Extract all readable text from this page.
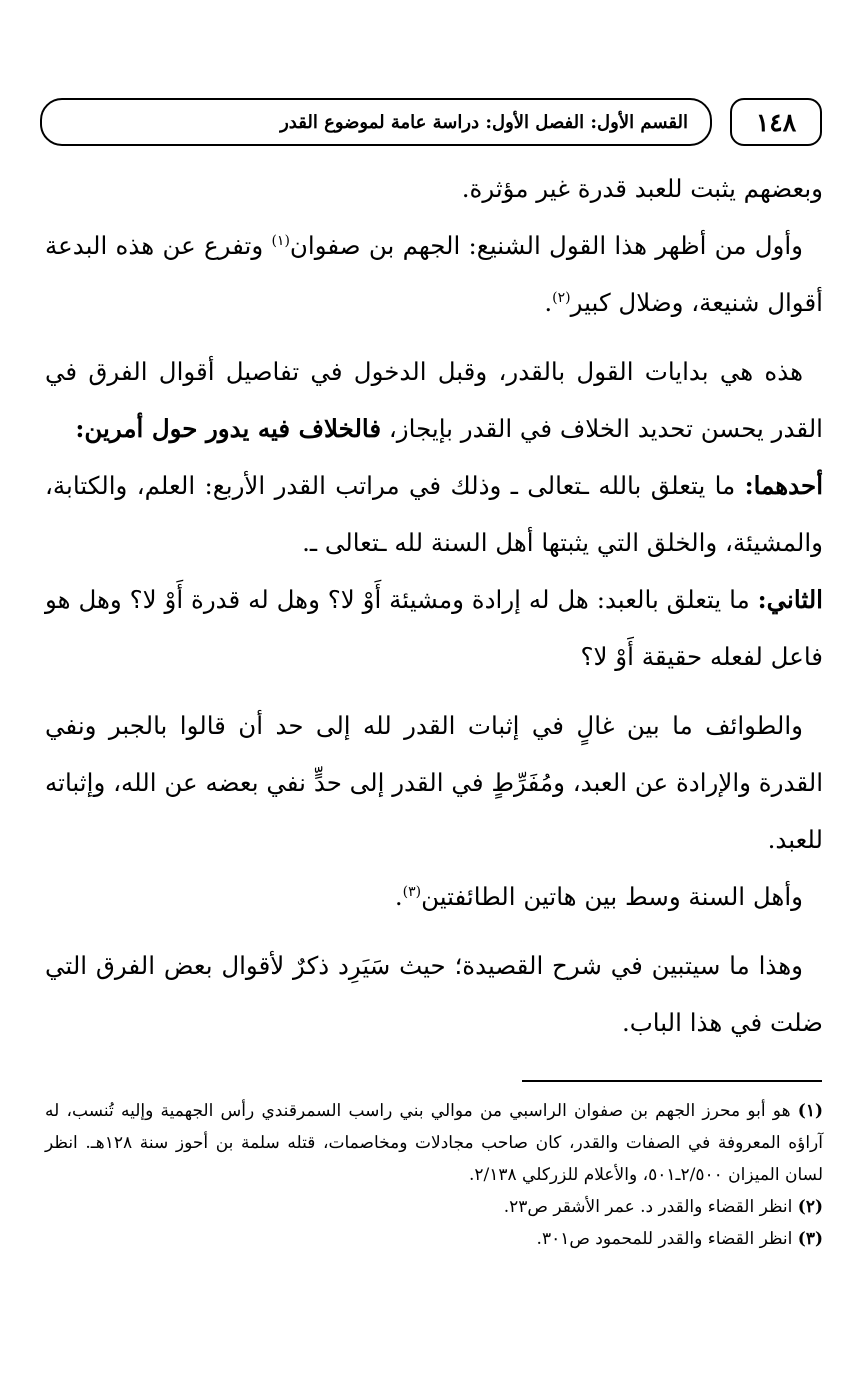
١٤٨
القسم الأول: الفصل الأول: دراسة عامة لموضوع القدر

وبعضهم يثبت للعبد قدرة غير مؤثرة.

وأول من أظهر هذا القول الشنيع: الجهم بن صفوان$^{(١)}$ وتفرع عن هذه البدعة أقوال شنيعة، وضلال كبير$^{(٢)}$.

هذه هي بدايات القول بالقدر، وقبل الدخول في تفاصيل أقوال الفرق في القدر يحسن تحديد الخلاف في القدر بإيجاز، فالخلاف فيه يدور حول أمرين:

أحدهما: ما يتعلق بالله ـتعالى ـ وذلك في مراتب القدر الأربع: العلم، والكتابة، والمشيئة، والخلق التي يثبتها أهل السنة لله ـتعالى ـ.

الثاني: ما يتعلق بالعبد: هل له إرادة ومشيئة أَوْ لا؟ وهل له قدرة أَوْ لا؟ وهل هو فاعل لفعله حقيقة أَوْ لا؟

والطوائف ما بين غالٍ في إثبات القدر لله إلى حد أن قالوا بالجبر ونفي القدرة والإرادة عن العبد، ومُفَرِّطٍ في القدر إلى حدٍّ نفي بعضه عن الله، وإثباته للعبد.

وأهل السنة وسط بين هاتين الطائفتين$^{(٣)}$.

وهذا ما سيتبين في شرح القصيدة؛ حيث سَيَرِد ذكرٌ لأقوال بعض الفرق التي ضلت في هذا الباب.

(١) هو أبو محرز الجهم بن صفوان الراسبي من موالي بني راسب السمرقندي رأس الجهمية وإليه تُنسب، له آراؤه المعروفة في الصفات والقدر، كان صاحب مجادلات ومخاصمات، قتله سلمة بن أحوز سنة ١٢٨هـ. انظر لسان الميزان ٢/٥٠٠ـ٥٠١، والأعلام للزركلي ٢/١٣٨.

(٢) انظر القضاء والقدر د. عمر الأشقر ص٢٣.

(٣) انظر القضاء والقدر للمحمود ص٣٠١.
